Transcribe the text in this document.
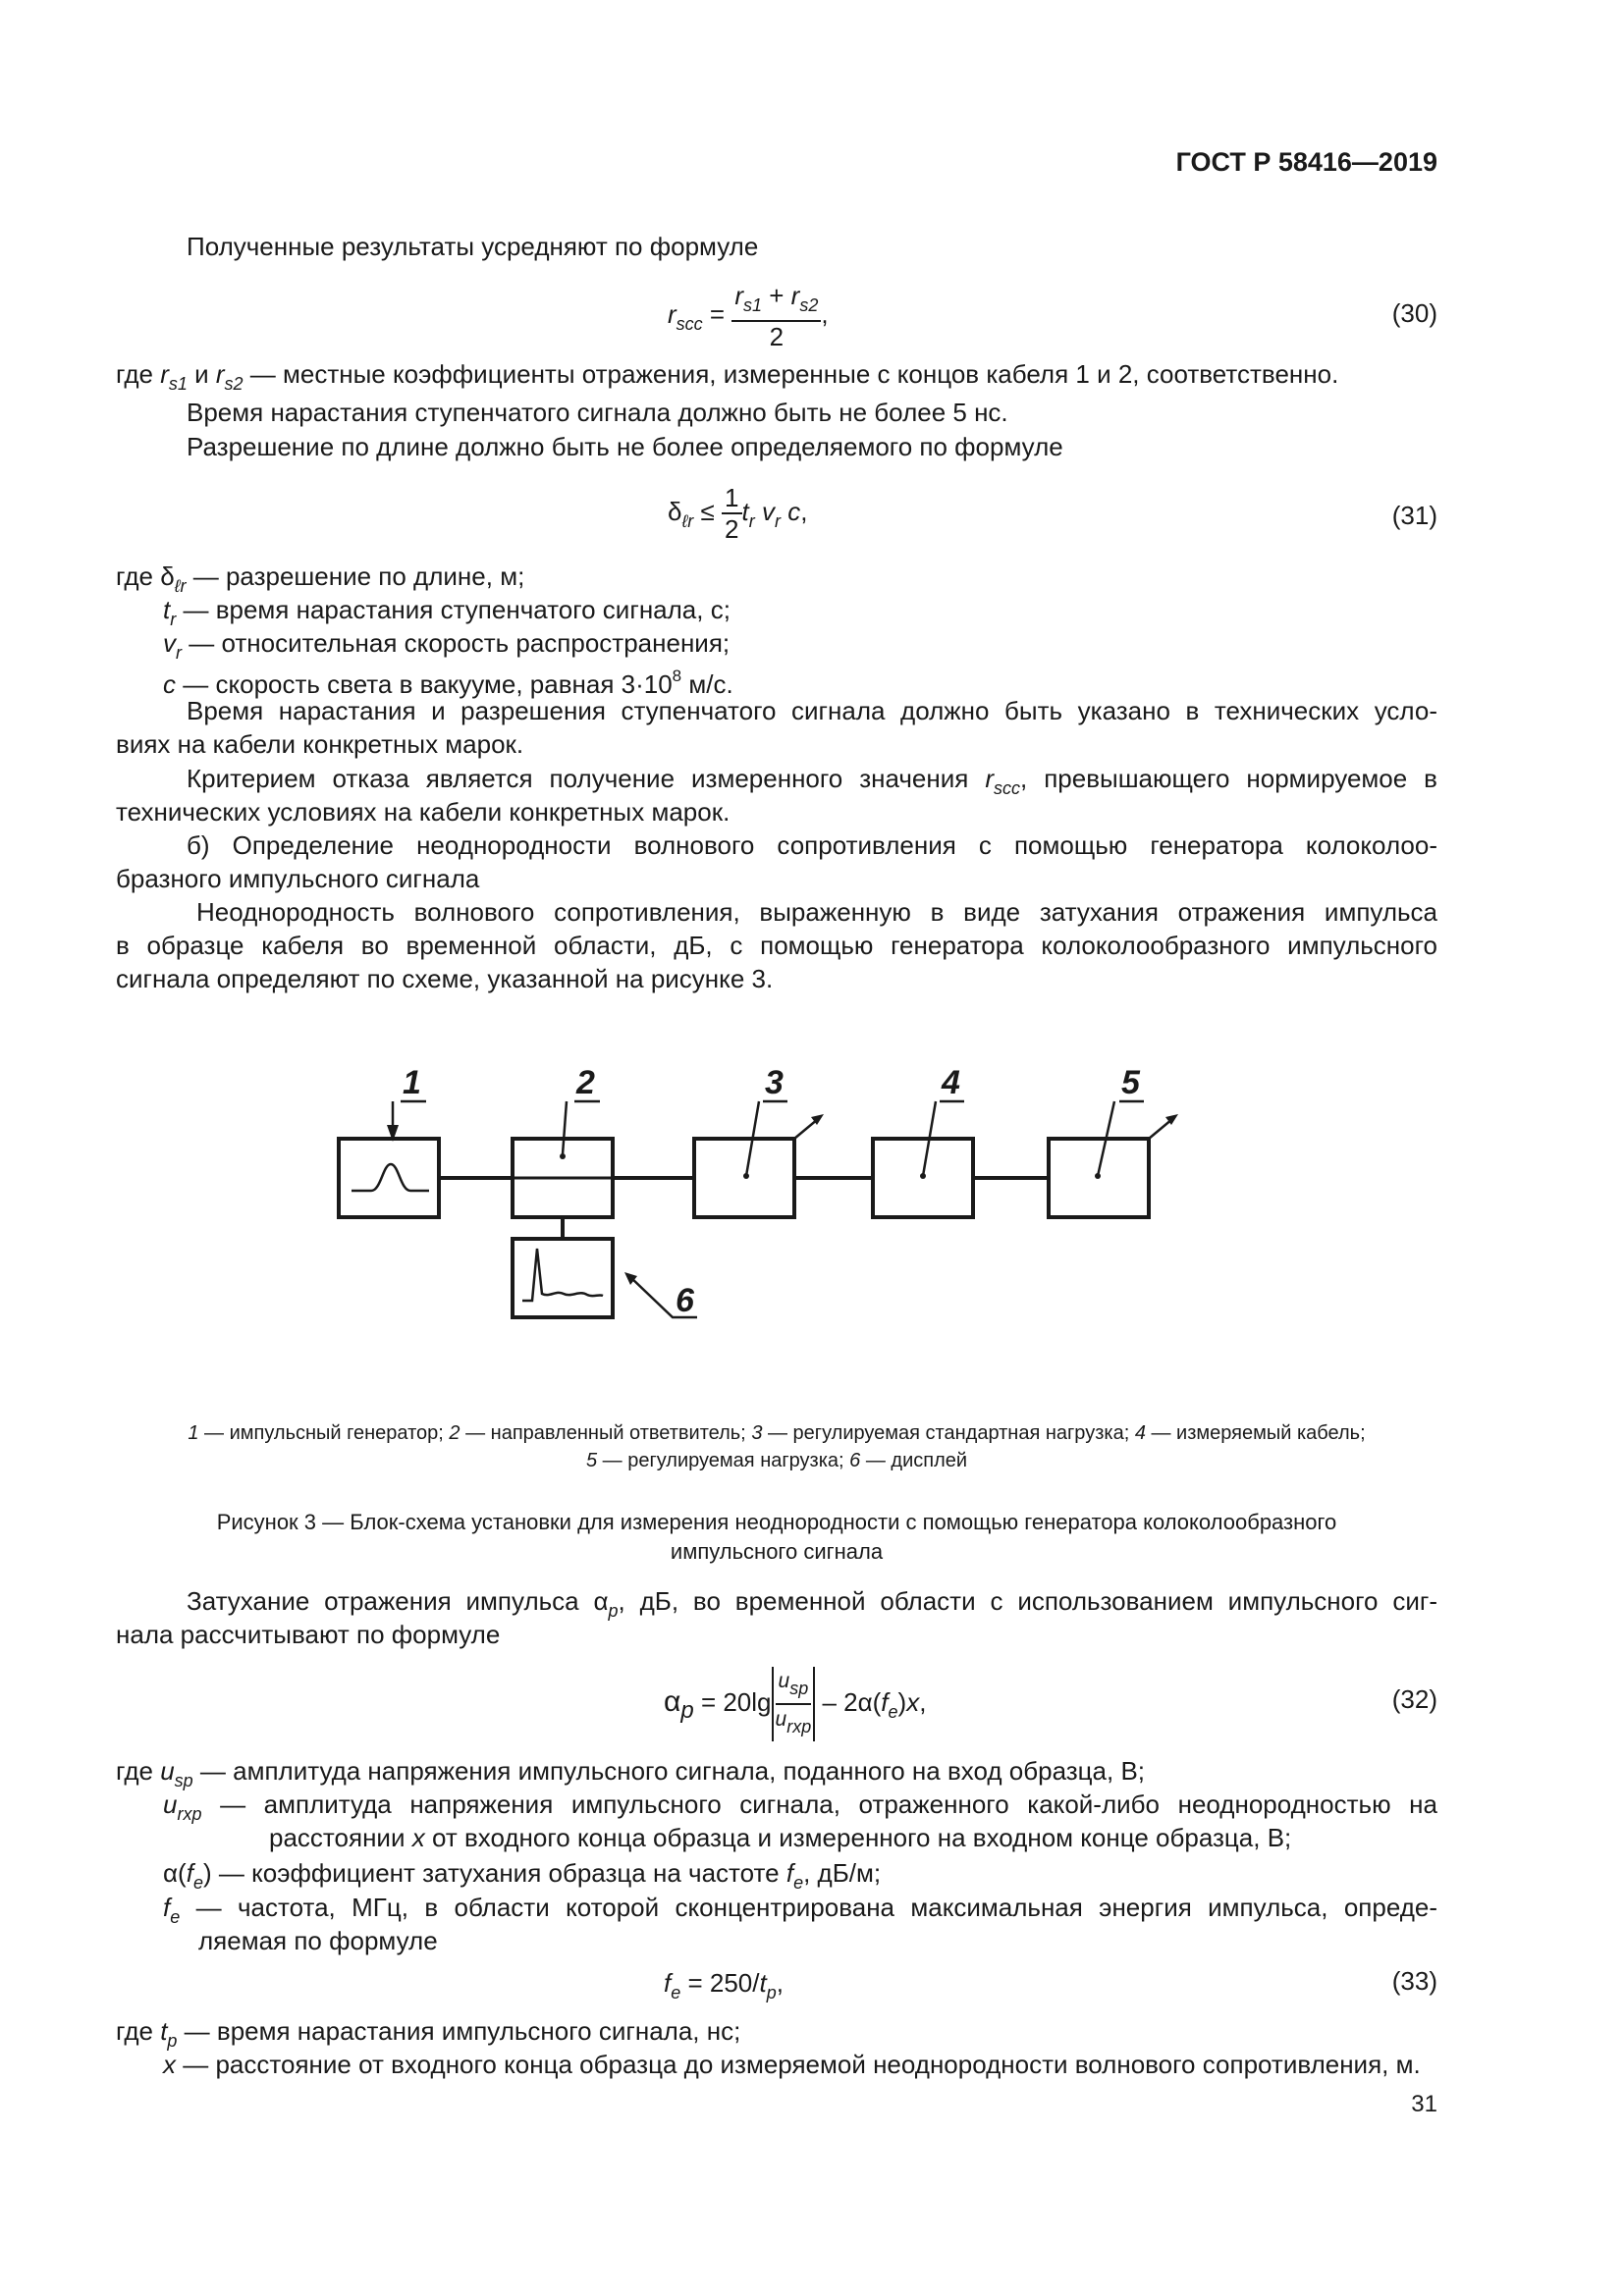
ГОСТ Р 58416—2019
Полученные результаты усредняют по формуле
$r_{scc} = \frac{r_{s1} + r_{s2}}{2}$ ,	(30)
где $r_{s1}$ и $r_{s2}$ — местные коэффициенты отражения, измеренные с концов кабеля 1 и 2, соответственно.
Время нарастания ступенчатого сигнала должно быть не более 5 нс.
Разрешение по длине должно быть не более определяемого по формуле
$\delta_{\ell r} \le \frac{1}{2} t_r$ $v_r$ c,	(31)
где $\delta_{\ell r}$ — разрешение по длине, м;
$t_r$ — время нарастания ступенчатого сигнала, с;
$v_r$ — относительная скорость распространения;
c — скорость света в вакууме, равная $3\cdot 10^8$ м/с.
Время нарастания и разрешения ступенчатого сигнала должно быть указано в технических усло-
виях на кабели конкретных марок.
Критерием отказа является получение измеренного значения $r_{scc}$, превышающего нормируемое в
технических условиях на кабели конкретных марок.
б) Определение неоднородности волнового сопротивления с помощью генератора колоколоо-
бразного импульсного сигнала
Неоднородность волнового сопротивления, выраженную в виде затухания отражения импульса
в образце кабеля во временной области, дБ, с помощью генератора колоколообразного импульсного
сигнала определяют по схеме, указанной на рисунке 3.
1	2	3	4	5
6
1 — импульсный генератор; 2 — направленный ответвитель; 3 — регулируемая стандартная нагрузка; 4 — измеряемый кабель;
5 — регулируемая нагрузка; 6 — дисплей
Рисунок 3 — Блок-схема установки для измерения неоднородности с помощью генератора колоколообразного
импульсного сигнала
Затухание отражения импульса $\alpha_p$, дБ, во временной области с использованием импульсного сиг-
нала рассчитывают по формуле
$\alpha p = 20\lg \frac{\text{usp}}{\text{urxp}} - 2\alpha(f_e)x$,	(32)
где $u_{sp}$ — амплитуда напряжения импульсного сигнала, поданного на вход образца, В;
$u_{rxp}$ — амплитуда напряжения импульсного сигнала, отраженного какой-либо неоднородностью на
расстоянии x от входного конца образца и измеренного на входном конце образца, В;
$\alpha(f_e)$ — коэффициент затухания образца на частоте $f_e$, дБ/м;
$f_e$ — частота, МГц, в области которой сконцентрирована максимальная энергия импульса, опреде-
ляемая по формуле
$f_e = 250/t_p$,	(33)
где $t_p$ — время нарастания импульсного сигнала, нс;
x — расстояние от входного конца образца до измеряемой неоднородности волнового сопротивления, м.
31
